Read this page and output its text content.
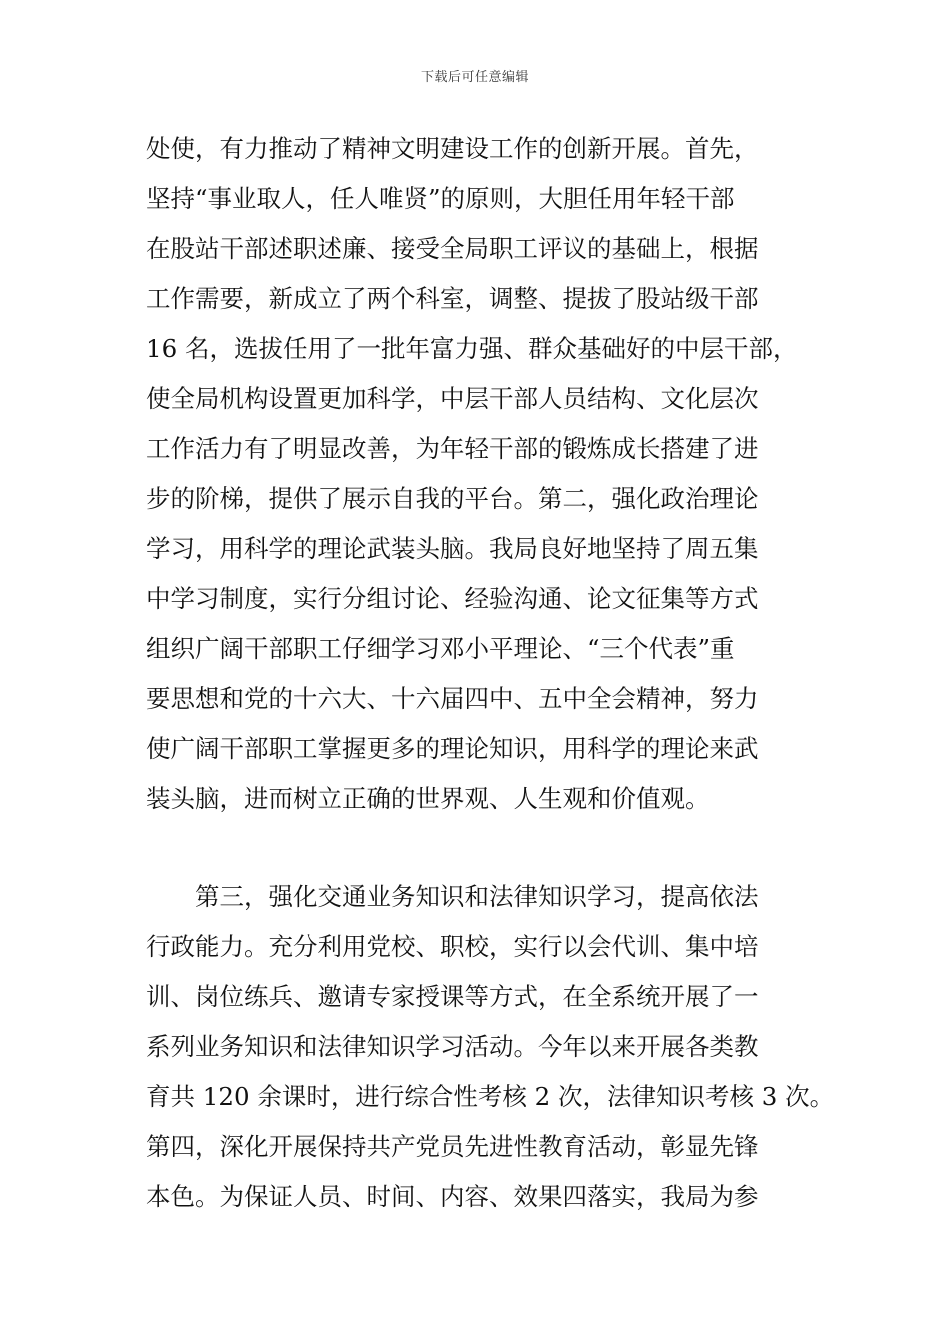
下载后可任意编辑
处使，有力推动了精神文明建设工作的创新开展。首先，
坚持“事业取人，任人唯贤”的原则，大胆任用年轻干部
在股站干部述职述廉、接受全局职工评议的基础上，根据
工作需要，新成立了两个科室，调整、提拔了股站级干部
16 名，选拔任用了一批年富力强、群众基础好的中层干部，
使全局机构设置更加科学，中层干部人员结构、文化层次
工作活力有了明显改善，为年轻干部的锻炼成长搭建了进
步的阶梯，提供了展示自我的平台。第二，强化政治理论
学习，用科学的理论武装头脑。我局良好地坚持了周五集
中学习制度，实行分组讨论、经验沟通、论文征集等方式
组织广阔干部职工仔细学习邓小平理论、“三个代表”重
要思想和党的十六大、十六届四中、五中全会精神，努力
使广阔干部职工掌握更多的理论知识，用科学的理论来武
装头脑，进而树立正确的世界观、人生观和价值观。
第三，强化交通业务知识和法律知识学习，提高依法
行政能力。充分利用党校、职校，实行以会代训、集中培
训、岗位练兵、邀请专家授课等方式，在全系统开展了一
系列业务知识和法律知识学习活动。今年以来开展各类教
育共 120 余课时，进行综合性考核 2 次，法律知识考核 3 次。
第四，深化开展保持共产党员先进性教育活动，彰显先锋
本色。为保证人员、时间、内容、效果四落实，我局为参
